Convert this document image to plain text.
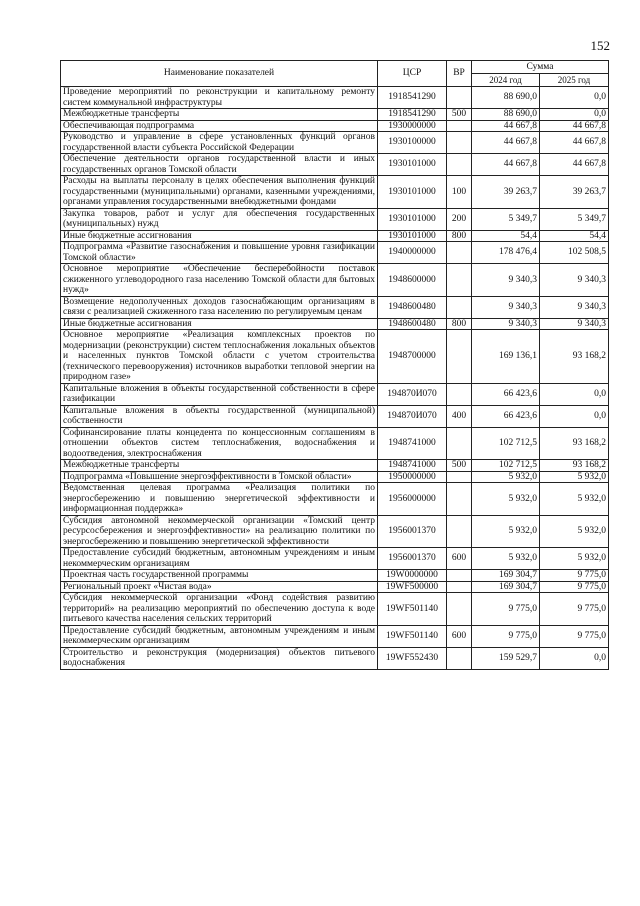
152
Наименование показателей	ЦСР	ВР	Сумма	
			2024 год	2025 год
Проведение мероприятий по реконструкции и капитальному ремонту систем коммунальной инфраструктуры	1918541290		88 690,0	0,0
Межбюджетные трансферты	1918541290	500	88 690,0	0,0
Обеспечивающая подпрограмма	1930000000		44 667,8	44 667,8
Руководство и управление в сфере установленных функций органов государственной власти субъекта Российской Федерации	1930100000		44 667,8	44 667,8
Обеспечение деятельности органов государственной власти и иных государственных органов Томской области	1930101000		44 667,8	44 667,8
Расходы на выплаты персоналу в целях обеспечения выполнения функций государственными (муниципальными) органами, казенными учреждениями, органами управления государственными внебюджетными фондами	1930101000	100	39 263,7	39 263,7
Закупка товаров, работ и услуг для обеспечения государственных (муниципальных) нужд	1930101000	200	5 349,7	5 349,7
Иные бюджетные ассигнования	1930101000	800	54,4	54,4
Подпрограмма «Развитие газоснабжения и повышение уровня газификации Томской области»	1940000000		178 476,4	102 508,5
Основное мероприятие «Обеспечение бесперебойности поставок сжиженного углеводородного газа населению Томской области для бытовых нужд»	1948600000		9 340,3	9 340,3
Возмещение недополученных доходов газоснабжающим организациям в связи с реализацией сжиженного газа населению по регулируемым ценам	1948600480		9 340,3	9 340,3
Иные бюджетные ассигнования	1948600480	800	9 340,3	9 340,3
Основное мероприятие «Реализация комплексных проектов по модернизации (реконструкции) систем теплоснабжения локальных объектов и населенных пунктов Томской области с учетом строительства (технического перевооружения) источников выработки тепловой энергии на природном газе»	1948700000		169 136,1	93 168,2
Капитальные вложения в объекты государственной собственности в сфере газификации	194870И070		66 423,6	0,0
Капитальные вложения в объекты государственной (муниципальной) собственности	194870И070	400	66 423,6	0,0
Софинансирование платы концедента по концессионным соглашениям в отношении объектов систем теплоснабжения, водоснабжения и водоотведения, электроснабжения	1948741000		102 712,5	93 168,2
Межбюджетные трансферты	1948741000	500	102 712,5	93 168,2
Подпрограмма «Повышение энергоэффективности в Томской области»	1950000000		5 932,0	5 932,0
Ведомственная целевая программа «Реализация политики по энергосбережению и повышению энергетической эффективности и информационная поддержка»	1956000000		5 932,0	5 932,0
Субсидия автономной некоммерческой организации «Томский центр ресурсосбережения и энергоэффективности» на реализацию политики по энергосбережению и повышению энергетической эффективности	1956001370		5 932,0	5 932,0
Предоставление субсидий бюджетным, автономным учреждениям и иным некоммерческим организациям	1956001370	600	5 932,0	5 932,0
Проектная часть государственной программы	19W0000000		169 304,7	9 775,0
Региональный проект «Чистая вода»	19WF500000		169 304,7	9 775,0
Субсидия некоммерческой организации «Фонд содействия развитию территорий» на реализацию мероприятий по обеспечению доступа к воде питьевого качества населения сельских территорий	19WF501140		9 775,0	9 775,0
Предоставление субсидий бюджетным, автономным учреждениям и иным некоммерческим организациям	19WF501140	600	9 775,0	9 775,0
Строительство и реконструкция (модернизация) объектов питьевого водоснабжения	19WF552430		159 529,7	0,0
